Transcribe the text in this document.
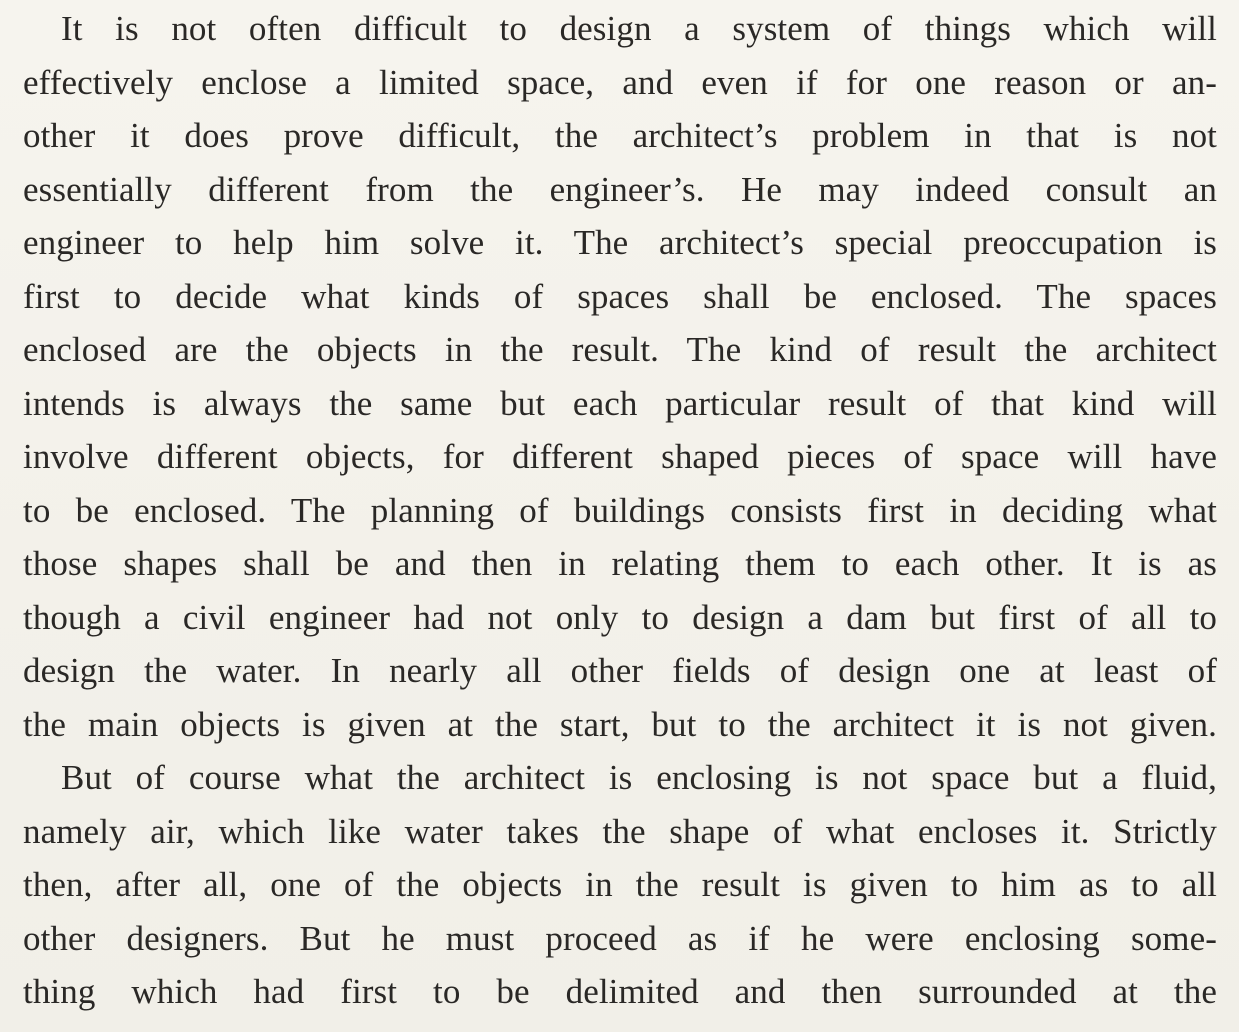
It is not often difficult to design a system of things which will
effectively enclose a limited space, and even if for one reason or an-
other it does prove difficult, the architect’s problem in that is not
essentially different from the engineer’s. He may indeed consult an
engineer to help him solve it. The architect’s special preoccupation is
first to decide what kinds of spaces shall be enclosed. The spaces
enclosed are the objects in the result. The kind of result the architect
intends is always the same but each particular result of that kind will
involve different objects, for different shaped pieces of space will have
to be enclosed. The planning of buildings consists first in deciding what
those shapes shall be and then in relating them to each other. It is as
though a civil engineer had not only to design a dam but first of all to
design the water. In nearly all other fields of design one at least of
the main objects is given at the start, but to the architect it is not given.
But of course what the architect is enclosing is not space but a fluid,
namely air, which like water takes the shape of what encloses it. Strictly
then, after all, one of the objects in the result is given to him as to all
other designers. But he must proceed as if he were enclosing some-
thing which had first to be delimited and then surrounded at the
